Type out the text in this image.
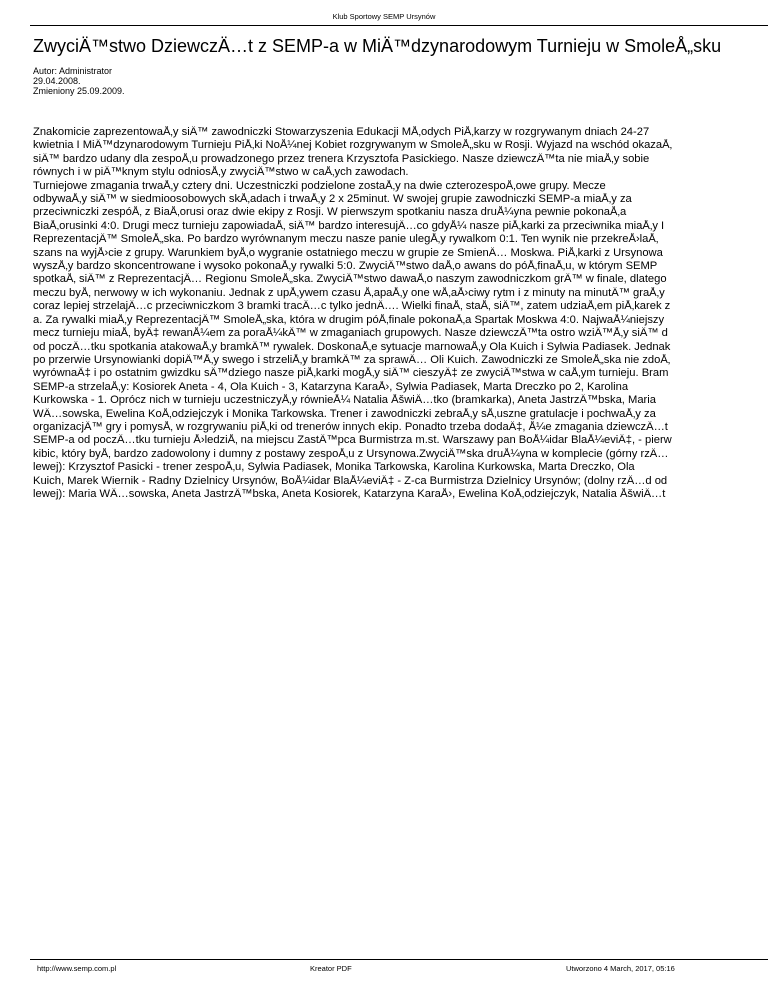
Klub Sportowy SEMP Ursynów
ZwyciÄ™stwo DziewczÄ…t z SEMP-a w MiÄ™dzynarodowym Turnieju w SmoleÅ„sku
Autor: Administrator
29.04.2008.
Zmieniony 25.09.2009.
Znakomicie zaprezentowaÅ‚y siÄ™ zawodniczki Stowarzyszenia Edukacji MÅ‚odych PiÅ‚karzy w rozgrywanym dniach 24-27
kwietnia I MiÄ™dzynarodowym Turnieju PiÅ‚ki NoÅ¼nej Kobiet rozgrywanym w SmoleÅ„sku w Rosji. Wyjazd na wschód okazaÅ‚
siÄ™ bardzo udany dla zespoÅ‚u prowadzonego przez trenera Krzysztofa Pasickiego. Nasze dziewczÄ™ta nie miaÅ‚y sobie
równych i w piÄ™knym stylu odniosÅ‚y zwyciÄ™stwo w caÅ‚ych zawodach.
Turniejowe zmagania trwaÅ‚y cztery dni. Uczestniczki podzielone zostaÅ‚y na dwie czterozespoÅ‚owe grupy. Mecze
odbywaÅ‚y siÄ™ w siedmioosobowych skÅ‚adach i trwaÅ‚y 2 x 25minut. W swojej grupie zawodniczki SEMP-a miaÅ‚y za
przeciwniczki zespóÅ‚ z BiaÅ‚orusi oraz dwie ekipy z Rosji. W pierwszym spotkaniu nasza druÅ¼yna pewnie pokonaÅ‚a
BiaÅ‚orusinki 4:0. Drugi mecz turnieju zapowiadaÅ‚ siÄ™ bardzo interesujÄ…co gdyÅ¼ nasze piÅ‚karki za przeciwnika miaÅ‚y I
ReprezentacjÄ™ SmoleÅ„ska. Po bardzo wyrównanym meczu nasze panie ulegÅ‚y rywalkom 0:1. Ten wynik nie przekreÅ›laÅ‚
szans na wyjÅ›cie z grupy. Warunkiem byÅ‚o wygranie ostatniego meczu w grupie ze SmienÄ… Moskwa. PiÅ‚karki z Ursynowa
wyszÅ‚y bardzo skoncentrowane i wysoko pokonaÅ‚y rywalki 5:0. ZwyciÄ™stwo daÅ‚o awans do póÅ‚finaÅ‚u, w którym SEMP
spotkaÅ‚ siÄ™ z ReprezentacjÄ… Regionu SmoleÅ„ska. ZwyciÄ™stwo dawaÅ‚o naszym zawodniczkom grÄ™ w finale, dlatego
meczu byÅ‚ nerwowy w ich wykonaniu. Jednak z upÅ‚ywem czasu Å‚apaÅ‚y one wÅ‚aÅ›ciwy rytm i z minuty na minutÄ™ graÅ‚y
coraz lepiej strzelajÄ…c przeciwniczkom 3 bramki tracÄ…c tylko jednÄ…. Wielki finaÅ‚ staÅ‚ siÄ™, zatem udziaÅ‚em piÅ‚karek z
a. Za rywalki miaÅ‚y ReprezentacjÄ™ SmoleÅ„ska, która w drugim póÅ‚finale pokonaÅ‚a Spartak Moskwa 4:0. NajwaÅ¼niejszy
mecz turnieju miaÅ‚ byÄ‡ rewanÅ¼em za poraÅ¼kÄ™ w zmaganiach grupowych. Nasze dziewczÄ™ta ostro wziÄ™Å‚y siÄ™ d
od poczÄ…tku spotkania atakowaÅ‚y bramkÄ™ rywalek. DoskonaÅ‚e sytuacje marnowaÅ‚y Ola Kuich i Sylwia Padiasek. Jednak
po przerwie Ursynowianki dopiÄ™Å‚y swego i strzeliÅ‚y bramkÄ™ za sprawÄ… Oli Kuich. Zawodniczki ze SmoleÅ„ska nie zdoÅ‚
wyrównaÄ‡ i po ostatnim gwizdku sÄ™dziego nasze piÅ‚karki mogÅ‚y siÄ™ cieszyÄ‡ ze zwyciÄ™stwa w caÅ‚ym turnieju. Bram
SEMP-a strzelaÅ‚y: Kosiorek Aneta - 4, Ola Kuich - 3, Katarzyna KaraÅ›, Sylwia Padiasek, Marta Dreczko po 2, Karolina
Kurkowska - 1. Oprócz nich w turnieju uczestniczyÅ‚y równieÅ¼ Natalia ÅšwiÄ…tko (bramkarka), Aneta JastrzÄ™bska, Maria
WÄ…sowska, Ewelina KoÅ‚odziejczyk i Monika Tarkowska. Trener i zawodniczki zebraÅ‚y sÅ‚uszne gratulacje i pochwaÅ‚y za
organizacjÄ™ gry i pomysÅ‚ w rozgrywaniu piÅ‚ki od trenerów innych ekip. Ponadto trzeba dodaÄ‡, Å¼e zmagania dziewczÄ…t
SEMP-a od poczÄ…tku turnieju Å›ledziÅ‚ na miejscu ZastÄ™pca Burmistrza m.st. Warszawy pan BoÅ¼idar BlaÅ¼eviÄ‡, - pierw
kibic, który byÅ‚ bardzo zadowolony i dumny z postawy zespoÅ‚u z Ursynowa.ZwyciÄ™ska druÅ¼yna w komplecie (górny rzÄ…
lewej): Krzysztof Pasicki - trener zespoÅ‚u, Sylwia Padiasek, Monika Tarkowska, Karolina Kurkowska, Marta Dreczko, Ola
Kuich, Marek Wiernik - Radny Dzielnicy Ursynów, BoÅ¼idar BlaÅ¼eviÄ‡ - Z-ca Burmistrza Dzielnicy Ursynów; (dolny rzÄ…d od
lewej): Maria WÄ…sowska, Aneta JastrzÄ™bska, Aneta Kosiorek, Katarzyna KaraÅ›, Ewelina KoÅ‚odziejczyk, Natalia ÅšwiÄ…t
http://www.semp.com.pl	Kreator PDF	Utworzono 4 March, 2017, 05:16
